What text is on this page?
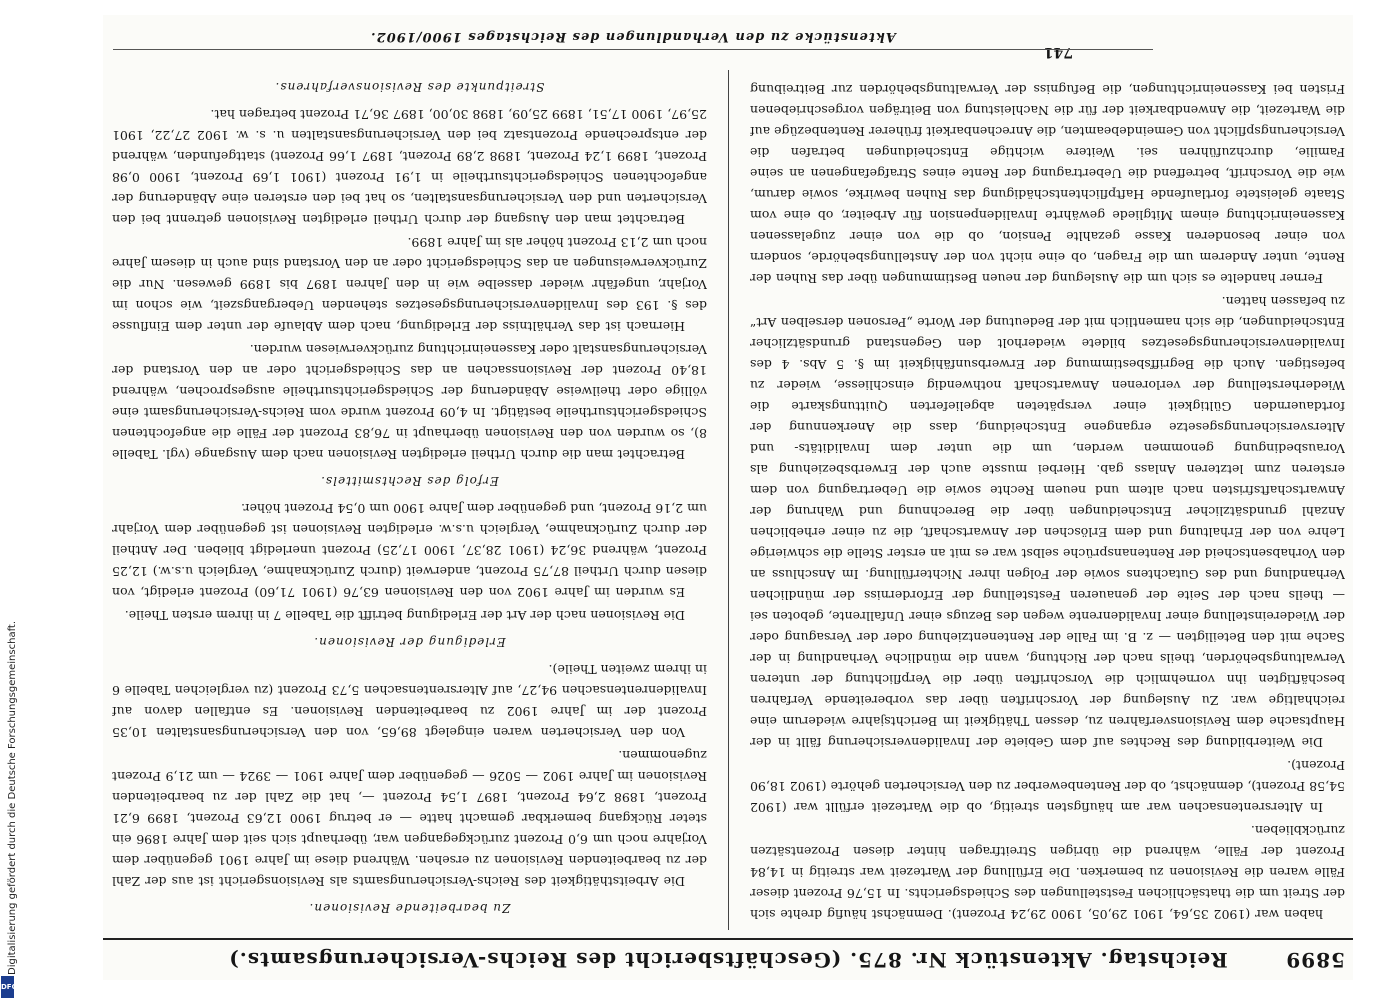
5899
Reichstag. Aktenstück Nr. 875. (Geschäftsbericht des Reichs-Versicherungsamts.)

haben war (1902 35,64, 1901 29,05, 1900 29,24 Prozent). Demnächst häufig drehte sich der Streit um die thatsächlichen Feststellungen des Schiedsgerichts. In 15,76 Prozent dieser Fälle waren die Revisionen zu bemerken. Die Erfüllung der Wartezeit war streitig in 14,84 Prozent der Fälle, während die übrigen Streitfragen hinter diesen Prozentsätzen zurückblieben.

In Altersrentensachen war am häufigsten streitig, ob die Wartezeit erfüllt war (1902 54,58 Prozent), demnächst, ob der Rentenbewerber zu den Versicherten gehörte (1902 18,90 Prozent).

Die Weiterbildung des Rechtes auf dem Gebiete der Invalidenversicherung fällt in der Hauptsache dem Revisionsverfahren zu, dessen Thätigkeit im Berichtsjahre wiederum eine reichhaltige war. Zu Auslegung der Vorschriften über das vorbereitende Verfahren beschäftigten ihn vornehmlich die Vorschriften über die Verpflichtung der unteren Verwaltungsbehörden, theils nach der Richtung, wann die mündliche Verhandlung in der Sache mit den Beteiligten — z. B. im Falle der Rentenentziehung oder der Versagung oder der Wiedereinstellung einer Invalidenrente wegen des Bezugs einer Unfallrente, geboten sei — theils nach der Seite der genaueren Feststellung der Erforderniss der mündlichen Verhandlung und des Gutachtens sowie der Folgen ihrer Nichterfüllung. Im Anschluss an den Vorhabsentscheid der Rentenansprüche selbst war es mit an erster Stelle die schwierige Lehre von der Erhaltung und dem Erlöschen der Anwartschaft, die zu einer erheblichen Anzahl grundsätzlicher Entscheidungen über die Berechnung und Wahrung der Anwartschaftsfristen nach altem und neuem Rechte sowie die Uebertragung von dem ersteren zum letzteren Anlass gab. Hierbei musste auch der Erwerbsbeziehung als Vorausbedingung genommen werden, um die unter dem Invaliditäts- und Altersversicherungsgesetze ergangene Entscheidung, dass die Anerkennung der fortdauernden Gültigkeit einer verspäteten abgelieferten Quittungskarte die Wiederherstellung der verlorenen Anwartschaft nothwendig einschliesse, wieder zu befestigen. Auch die Begriffsbestimmung der Erwerbsunfähigkeit im §. 5 Abs. 4 des Invalidenversicherungsgesetzes bildete wiederholt den Gegenstand grundsätzlicher Entscheidungen, die sich namentlich mit der Bedeutung der Worte „Personen derselben Art“ zu befassen hatten.

Ferner handelte es sich um die Auslegung der neuen Bestimmungen über das Ruhen der Rente, unter Anderem um die Fragen, ob eine nicht von der Anstellungsbehörde, sondern von einer besonderen Kasse gezahlte Pension, ob die von einer zugelassenen Kasseneinrichtung einem Mitgliede gewährte Invalidenpension für Arbeiter, ob eine vom Staate geleistete fortlaufende Haftpflichtentschädigung das Ruhen bewirke, sowie darum, wie die Vorschrift, betreffend die Uebertragung der Rente eines Strafgefangenen an seine Familie, durchzuführen sei. Weitere wichtige Entscheidungen betrafen die Versicherungspflicht von Gemeindebeamten, die Anrechenbarkeit früherer Rentenbezüge auf die Wartezeit, die Anwendbarkeit der für die Nachleistung von Beiträgen vorgeschriebenen Fristen bei Kasseneinrichtungen, die Befugniss der Verwaltungsbehörden zur Beitreibung

Zu bearbeitende Revisionen.

Die Arbeitsthätigkeit des Reichs-Versicherungsamts als Revisionsgericht ist aus der Zahl der zu bearbeitenden Revisionen zu ersehen. Während diese im Jahre 1901 gegenüber dem Vorjahre noch um 6,0 Prozent zurückgegangen war, überhaupt sich seit dem Jahre 1896 ein steter Rückgang bemerkbar gemacht hatte — er betrug 1900 12,63 Prozent, 1899 6,21 Prozent, 1898 2,64 Prozent, 1897 1,54 Prozent —, hat die Zahl der zu bearbeitenden Revisionen im Jahre 1902 — 5026 — gegenüber dem Jahre 1901 — 3924 — um 21,9 Prozent zugenommen.

Von den Versicherten waren eingelegt 89,65, von den Versicherungsanstalten 10,35 Prozent der im Jahre 1902 zu bearbeitenden Revisionen. Es entfallen davon auf Invalidenrentensachen 94,27, auf Altersrentensachen 5,73 Prozent (zu vergleichen Tabelle 6 in ihrem zweiten Theile).

Erledigung der Revisionen.

Die Revisionen nach der Art der Erledigung betrifft die Tabelle 7 in ihrem ersten Theile.

Es wurden im Jahre 1902 von den Revisionen 63,76 (1901 71,60) Prozent erledigt, von diesen durch Urtheil 87,75 Prozent, anderweit (durch Zurücknahme, Vergleich u.s.w.) 12,25 Prozent, während 36,24 (1901 28,37, 1900 17,25) Prozent unerledigt blieben. Der Antheil der durch Zurücknahme, Vergleich u.s.w. erledigten Revisionen ist gegenüber dem Vorjahr um 2,16 Prozent, und gegenüber dem Jahre 1900 um 0,54 Prozent höher.

Erfolg des Rechtsmittels.

Betrachtet man die durch Urtheil erledigten Revisionen nach dem Ausgange (vgl. Tabelle 8), so wurden von den Revisionen überhaupt in 76,83 Prozent der Fälle die angefochtenen Schiedsgerichtsurtheile bestätigt. In 4,09 Prozent wurde vom Reichs-Versicherungsamt eine völlige oder theilweise Abänderung der Schiedsgerichtsurtheile ausgesprochen, während 18,40 Prozent der Revisionssachen an das Schiedsgericht oder an den Vorstand der Versicherungsanstalt oder Kasseneinrichtung zurückverwiesen wurden.

Hiernach ist das Verhältniss der Erledigung, nach dem Ablaufe der unter dem Einflusse des §. 193 des Invalidenversicherungsgesetzes stehenden Uebergangszeit, wie schon im Vorjahr, ungefähr wieder dasselbe wie in den Jahren 1897 bis 1899 gewesen. Nur die Zurückverweisungen an das Schiedsgericht oder an den Vorstand sind auch in diesem Jahre noch um 2,13 Prozent höher als im Jahre 1899.

Betrachtet man den Ausgang der durch Urtheil erledigten Revisionen getrennt bei den Versicherten und den Versicherungsanstalten, so hat bei den ersteren eine Abänderung der angefochtenen Schiedsgerichtsurtheile in 1,91 Prozent (1901 1,69 Prozent, 1900 0,98 Prozent, 1899 1,24 Prozent, 1898 2,89 Prozent, 1897 1,66 Prozent) stattgefunden, während der entsprechende Prozentsatz bei den Versicherungsanstalten u. s. w. 1902 27,22, 1901 25,97, 1900 17,51, 1899 25,09, 1898 30,00, 1897 36,71 Prozent betragen hat.

Streitpunkte des Revisionsverfahrens.

741
Aktenstücke zu den Verhandlungen des Reichstages 1900/1902.
Digitalisierung gefördert durch die Deutsche Forschungsgemeinschaft.
DFG
